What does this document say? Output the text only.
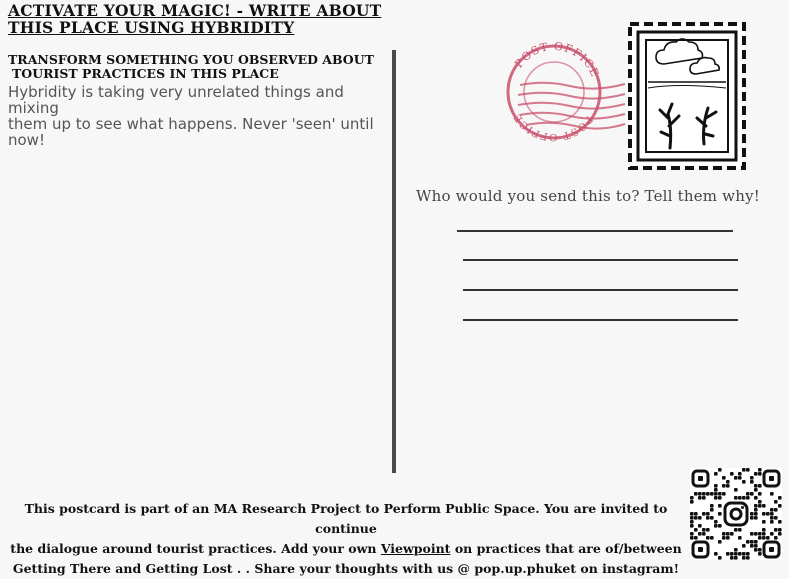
ACTIVATE YOUR MAGIC! - WRITE ABOUT
THIS PLACE USING HYBRIDITY
TRANSFORM SOMETHING YOU OBSERVED ABOUT
TOURIST PRACTICES IN THIS PLACE
Hybridity is taking very unrelated things and mixing
them up to see what happens. Never 'seen' until now!
POST OFFICE
POST OFFICE
Who would you send this to? Tell them why!
This postcard is part of an MA Research Project to Perform Public Space. You are invited to continue
the dialogue around tourist practices. Add your own Viewpoint on practices that are of/between
Getting There and Getting Lost . . Share your thoughts with us @ pop.up.phuket on instagram!
